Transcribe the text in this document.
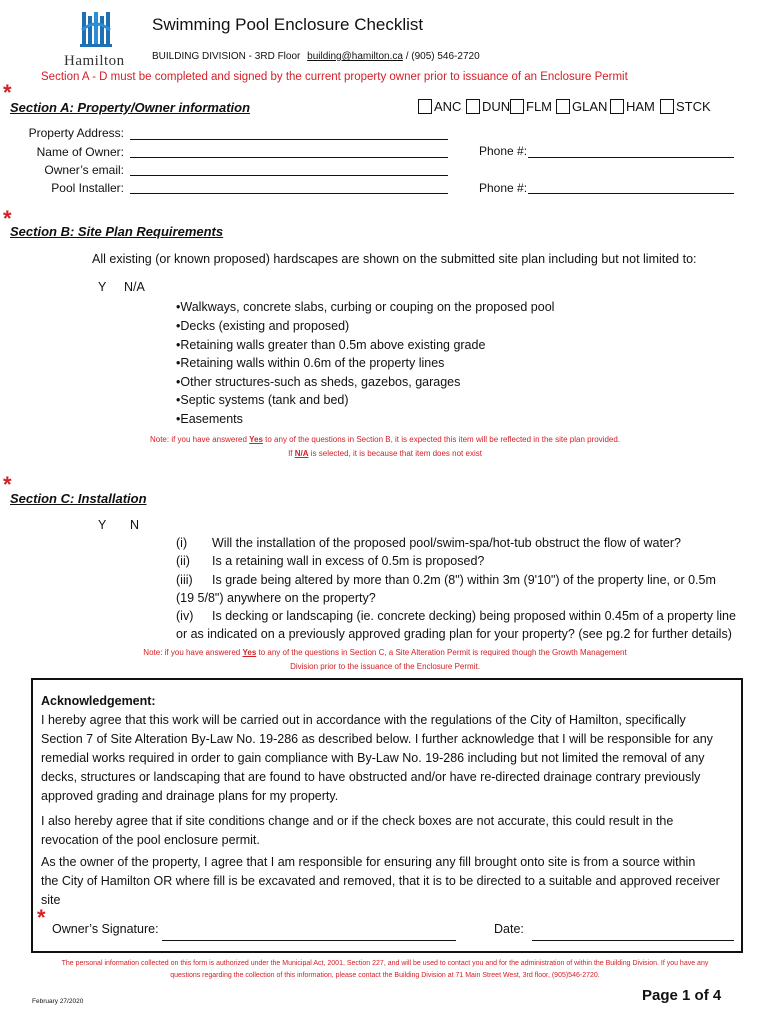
Hamilton
Swimming Pool Enclosure Checklist
BUILDING DIVISION - 3RD Floor building@hamilton.ca / (905) 546-2720
Section A - D must be completed and signed by the current property owner prior to issuance of an Enclosure Permit
*
Section A: Property/Owner information	ANC DUN FLM GLAN HAM STCK
Property Address:
Name of Owner:
Owner’s email:
Pool Installer:
Phone #:
Phone #:
*
Section B: Site Plan Requirements
All existing (or known proposed) hardscapes are shown on the submitted site plan including but not limited to:
Y N/A
•Walkways, concrete slabs, curbing or couping on the proposed pool
•Decks (existing and proposed)
•Retaining walls greater than 0.5m above existing grade
•Retaining walls within 0.6m of the property lines
•Other structures-such as sheds, gazebos, garages
•Septic systems (tank and bed)
•Easements
Note: if you have answered Yes to any of the questions in Section B, it is expected this item will be reflected in the site plan provided.
If N/A is selected, it is because that item does not exist
*
Section C: Installation
Y N
(i) Will the installation of the proposed pool/swim-spa/hot-tub obstruct the flow of water?
(ii) Is a retaining wall in excess of 0.5m is proposed?
(iii) Is grade being altered by more than 0.2m (8") within 3m (9'10") of the property line, or 0.5m
(19 5/8") anywhere on the property?
(iv) Is decking or landscaping (ie. concrete decking) being proposed within 0.45m of a property line
or as indicated on a previously approved grading plan for your property? (see pg.2 for further details)
Note: if you have answered Yes to any of the questions in Section C, a Site Alteration Permit is required though the Growth Management
Division prior to the issuance of the Enclosure Permit.
Acknowledgement:
I hereby agree that this work will be carried out in accordance with the regulations of the City of Hamilton, specifically
Section 7 of Site Alteration By-Law No. 19-286 as described below. I further acknowledge that I will be responsible for any
remedial works required in order to gain compliance with By-Law No. 19-286 including but not limited the removal of any
decks, structures or landscaping that are found to have obstructed and/or have re-directed drainage contrary previously
approved grading and drainage plans for my property.
I also hereby agree that if site conditions change and or if the check boxes are not accurate, this could result in the
revocation of the pool enclosure permit.
As the owner of the property, I agree that I am responsible for ensuring any fill brought onto site is from a source within
the City of Hamilton OR where fill is be excavated and removed, that it is to be directed to a suitable and approved receiver
site
* Owner’s Signature:	Date:
The personal information collected on this form is authorized under the Municipal Act, 2001, Section 227, and will be used to contact you and for the administration of within the Building Division. If you have any
questions regarding the collection of this information, please contact the Building Division at 71 Main Street West, 3rd floor, (905)546-2720.
February 27/2020	Page 1 of 4
